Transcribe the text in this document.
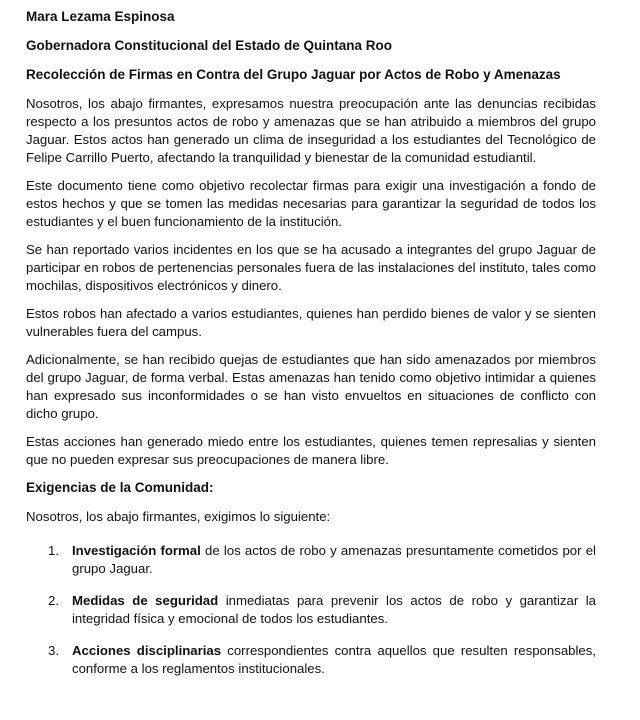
Mara Lezama Espinosa
Gobernadora Constitucional del Estado de Quintana Roo
Recolección de Firmas en Contra del Grupo Jaguar por Actos de Robo y Amenazas

Nosotros, los abajo firmantes, expresamos nuestra preocupación ante las denuncias recibidas respecto a los presuntos actos de robo y amenazas que se han atribuido a miembros del grupo Jaguar. Estos actos han generado un clima de inseguridad a los estudiantes del Tecnológico de Felipe Carrillo Puerto, afectando la tranquilidad y bienestar de la comunidad estudiantil.

Este documento tiene como objetivo recolectar firmas para exigir una investigación a fondo de estos hechos y que se tomen las medidas necesarias para garantizar la seguridad de todos los estudiantes y el buen funcionamiento de la institución.

Se han reportado varios incidentes en los que se ha acusado a integrantes del grupo Jaguar de participar en robos de pertenencias personales fuera de las instalaciones del instituto, tales como mochilas, dispositivos electrónicos y dinero.

Estos robos han afectado a varios estudiantes, quienes han perdido bienes de valor y se sienten vulnerables fuera del campus.

Adicionalmente, se han recibido quejas de estudiantes que han sido amenazados por miembros del grupo Jaguar, de forma verbal. Estas amenazas han tenido como objetivo intimidar a quienes han expresado sus inconformidades o se han visto envueltos en situaciones de conflicto con dicho grupo.

Estas acciones han generado miedo entre los estudiantes, quienes temen represalias y sienten que no pueden expresar sus preocupaciones de manera libre.

Exigencias de la Comunidad:

Nosotros, los abajo firmantes, exigimos lo siguiente:

1. Investigación formal de los actos de robo y amenazas presuntamente cometidos por el grupo Jaguar.
2. Medidas de seguridad inmediatas para prevenir los actos de robo y garantizar la integridad física y emocional de todos los estudiantes.
3. Acciones disciplinarias correspondientes contra aquellos que resulten responsables, conforme a los reglamentos institucionales.
